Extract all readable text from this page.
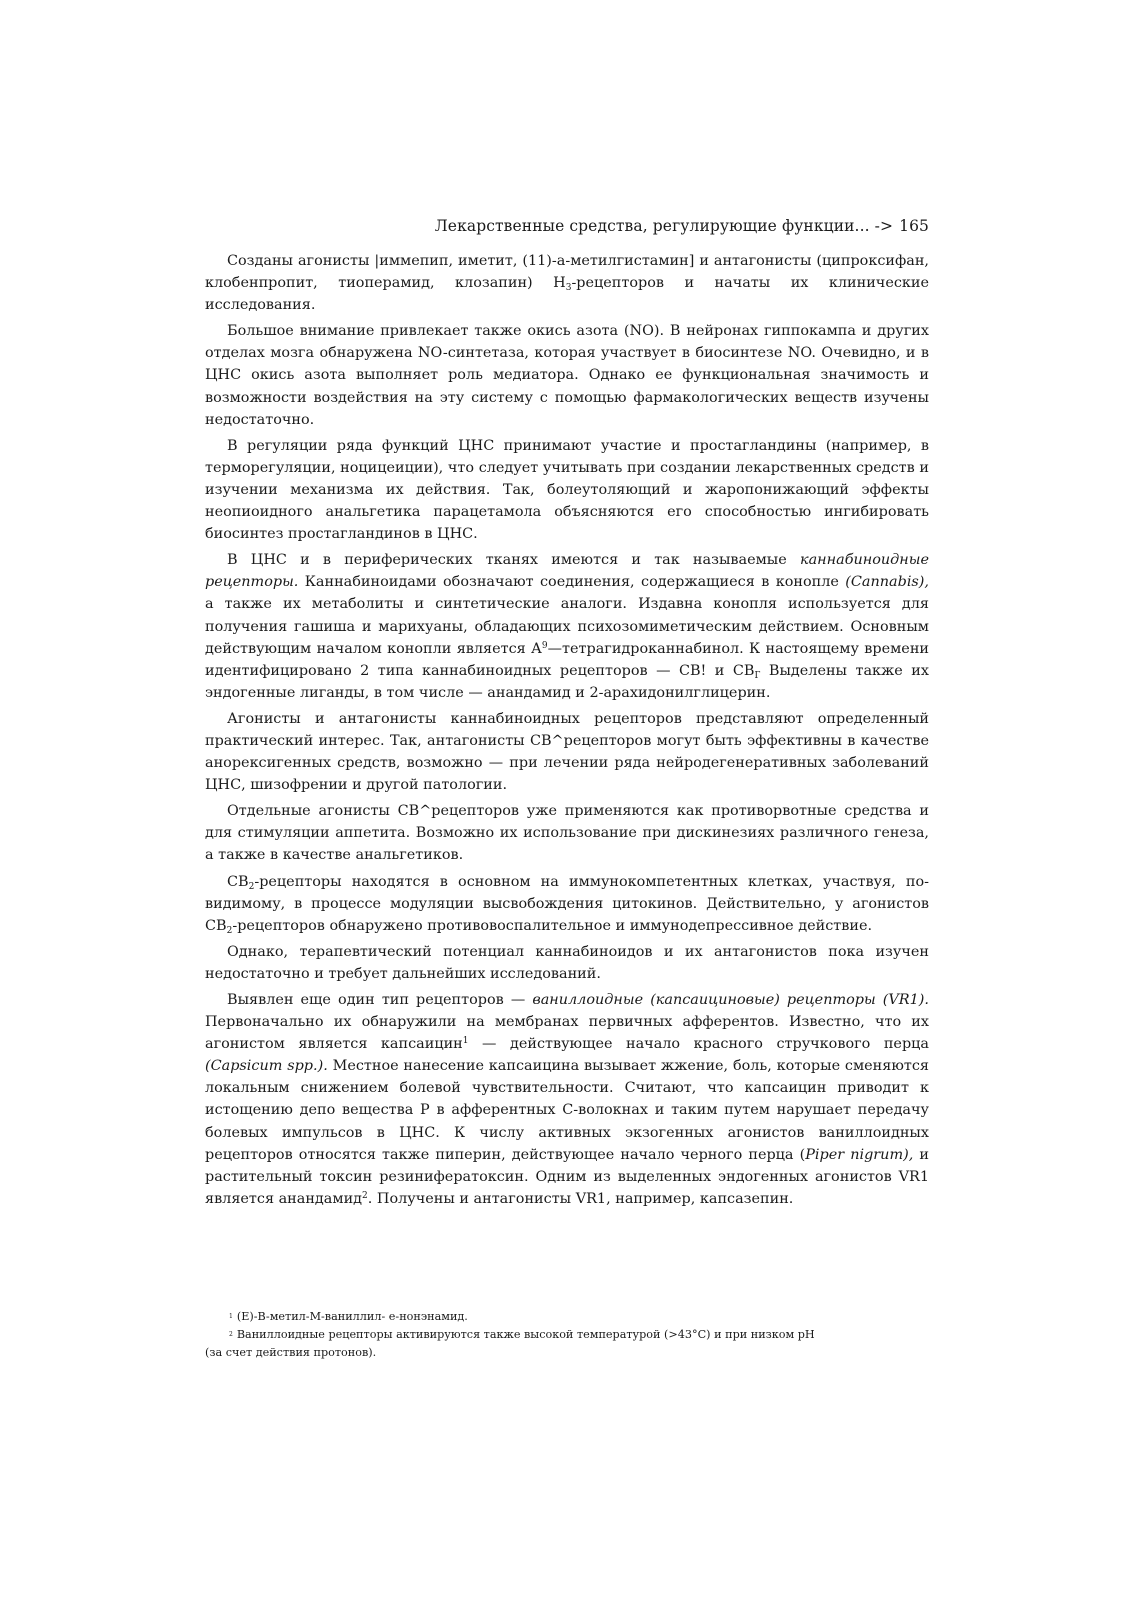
Лекарственные средства, регулирующие функции... -> 165

Созданы агонисты |иммепип, иметит, (11)-а-метилгистамин] и антагонисты (ципроксифан, клобенпропит, тиоперамид, клозапин) $Н_3$-рецепторов и начаты их клинические исследования.

Большое внимание привлекает также окись азота (NO). В нейронах гиппокампа и других отделах мозга обнаружена NO-синтетаза, которая участвует в биосинтезе NO. Очевидно, и в ЦНС окись азота выполняет роль медиатора. Однако ее функциональная значимость и возможности воздействия на эту систему с помощью фармакологических веществ изучены недостаточно.

В регуляции ряда функций ЦНС принимают участие и простагландины (например, в терморегуляции, ноцицеиции), что следует учитывать при создании лекарственных средств и изучении механизма их действия. Так, болеутоляющий и жаропонижающий эффекты неопиоидного анальгетика парацетамола объясняются его способностью ингибировать биосинтез простагландинов в ЦНС.

В ЦНС и в периферических тканях имеются и так называемые каннабиноидные рецепторы. Каннабиноидами обозначают соединения, содержащиеся в конопле (Cannabis), а также их метаболиты и синтетические аналоги. Издавна конопля используется для получения гашиша и марихуаны, обладающих психозомиметическим действием. Основным действующим началом конопли является $А^9—тетрагидроканнабинол$. К настоящему времени идентифицировано 2 типа каннабиноидных рецепторов — СВ! и $СВ_Г$ Выделены также их эндогенные лиганды, в том числе — анандамид и 2-арахидонилглицерин.

Агонисты и антагонисты каннабиноидных рецепторов представляют определенный практический интерес. Так, антагонисты СВ^рецепторов могут быть эффективны в качестве анорексигенных средств, возможно — при лечении ряда нейродегенеративных заболеваний ЦНС, шизофрении и другой патологии.

Отдельные агонисты СВ^рецепторов уже применяются как противорвотные средства и для стимуляции аппетита. Возможно их использование при дискинезиях различного генеза, а также в качестве анальгетиков.

$СВ_2$-рецепторы находятся в основном на иммунокомпетентных клетках, участвуя, по-видимому, в процессе модуляции высвобождения цитокинов. Действительно, у агонистов $СВ_2$-рецепторов обнаружено противовоспалительное и иммунодепрессивное действие.

Однако, терапевтический потенциал каннабиноидов и их антагонистов пока изучен недостаточно и требует дальнейших исследований.

Выявлен еще один тип рецепторов — ваниллоидные (капсаициновые) рецепторы (VR1). Первоначально их обнаружили на мембранах первичных афферентов. Известно, что их агонистом является капсаицин$^1$ — действующее начало красного стручкового перца (Capsicum spp.). Местное нанесение капсаицина вызывает жжение, боль, которые сменяются локальным снижением болевой чувствительности. Считают, что капсаицин приводит к истощению депо вещества Р в афферентных С-волокнах и таким путем нарушает передачу болевых импульсов в ЦНС. К числу активных экзогенных агонистов ваниллоидных рецепторов относятся также пиперин, действующее начало черного перца (Piper nigrum), и растительный токсин резинифератоксин. Одним из выделенных эндогенных агонистов VR1 является анандамид$^2$. Получены и антагонисты VR1, например, капсазепин.

1 (E)-B-метил-M-ваниллил- е-нонэнамид.

2 Ваниллоидные рецепторы активируются также высокой температурой (>43°С) и при низком рН

(за счет действия протонов).
